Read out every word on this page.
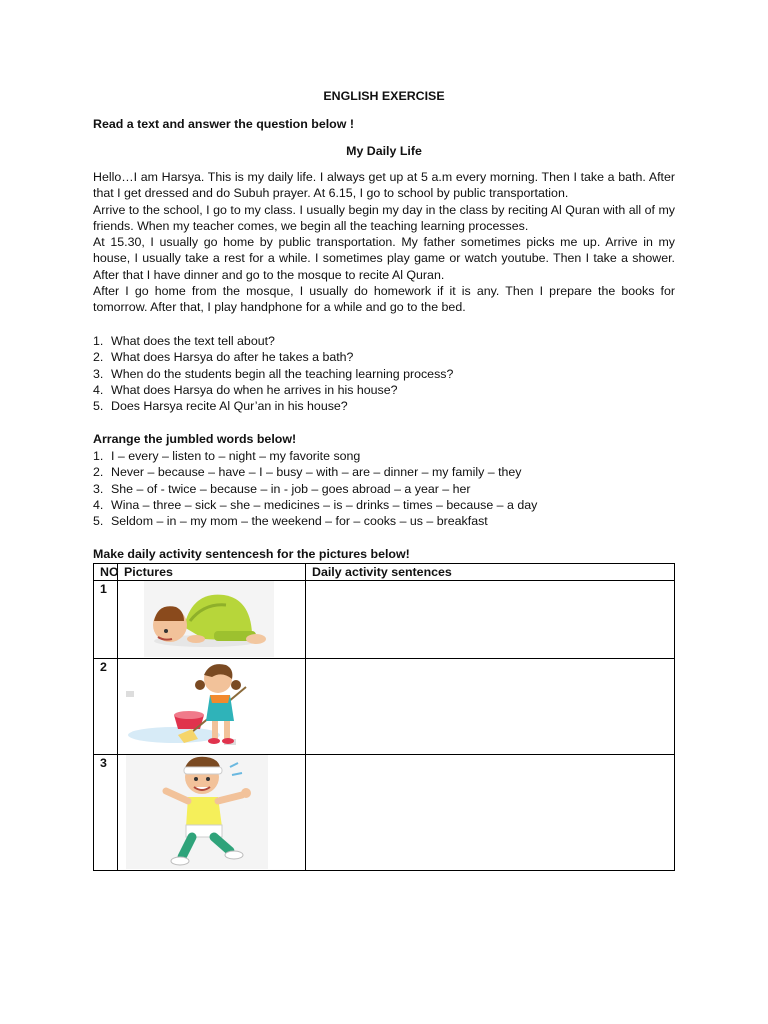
ENGLISH EXERCISE
Read a text and answer the question below !
My Daily Life

Hello…I am Harsya. This is my daily life. I always get up at 5 a.m every morning. Then I take a bath. After that I get dressed and do Subuh prayer. At 6.15, I go to school by public transportation.

Arrive to the school, I go to my class. I usually begin my day in the class by reciting Al Quran with all of my friends. When my teacher comes, we begin all the teaching learning processes.

At 15.30, I usually go home by public transportation. My father sometimes picks me up. Arrive in my house, I usually take a rest for a while. I sometimes play game or watch youtube. Then I take a shower. After that I have dinner and go to the mosque to recite Al Quran.

After I go home from the mosque, I usually do homework if it is any. Then I prepare the books for tomorrow. After that, I play handphone for a while and go to the bed.

1. What does the text tell about?
2. What does Harsya do after he takes a bath?
3. When do the students begin all the teaching learning process?
4. What does Harsya do when he arrives in his house?
5. Does Harsya recite Al Qur’an in his house?
Arrange the jumbled words below!
1. I – every – listen to – night – my favorite song
2. Never – because – have – I – busy – with – are – dinner – my family – they
3. She – of - twice – because – in - job – goes abroad – a year – her
4. Wina – three – sick – she – medicines – is – drinks – times – because – a day
5. Seldom – in – my mom – the weekend – for – cooks – us – breakfast
Make daily activity sentencesh for the pictures below!
NO	Pictures	Daily activity sentences
1	

2	

3	
